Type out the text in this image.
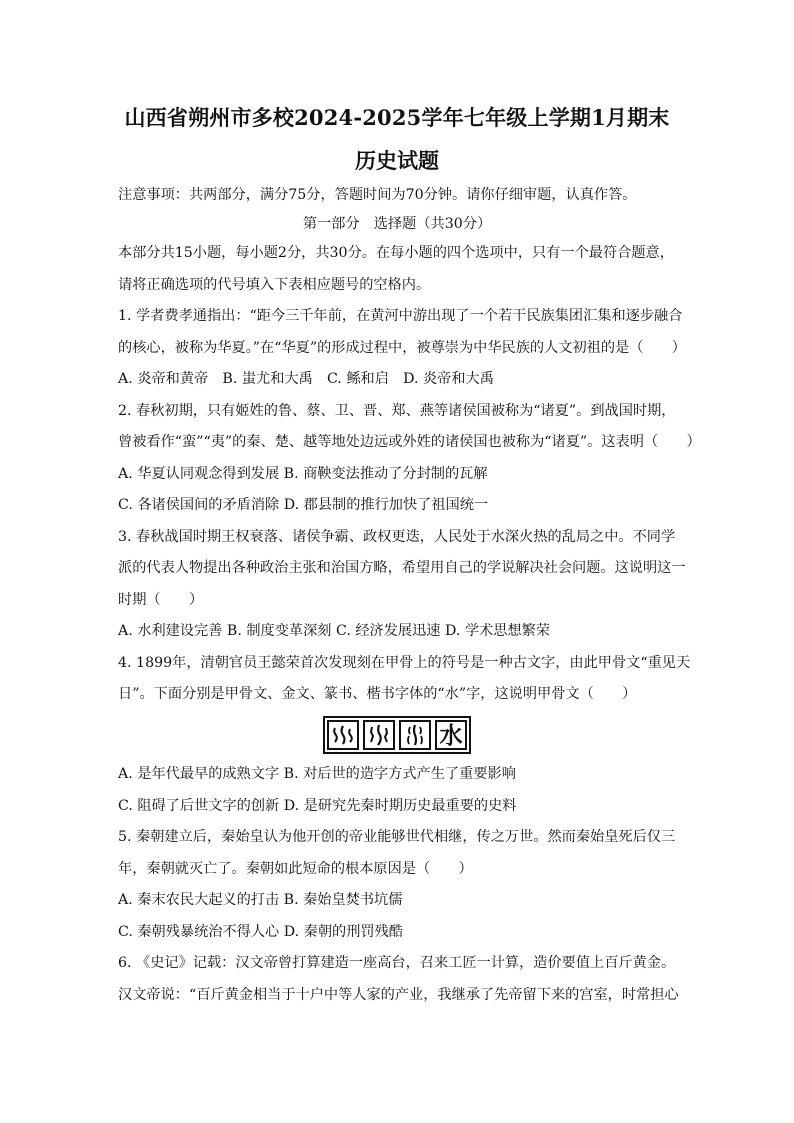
山西省朔州市多校2024-2025学年七年级上学期1月期末
历史试题

注意事项：共两部分，满分75分，答题时间为70分钟。请你仔细审题，认真作答。

第一部分　选择题（共30分）

本部分共15小题，每小题2分，共30分。在每小题的四个选项中，只有一个最符合题意，

请将正确选项的代号填入下表相应题号的空格内。

1. 学者费孝通指出：“距今三千年前，在黄河中游出现了一个若干民族集团汇集和逐步融合

的核心，被称为华夏。”在“华夏”的形成过程中，被尊崇为中华民族的人文初祖的是（　　）

A. 炎帝和黄帝　B. 蚩尤和大禹　C. 鲧和启　D. 炎帝和大禹

2. 春秋初期，只有姬姓的鲁、蔡、卫、晋、郑、燕等诸侯国被称为“诸夏”。到战国时期，

曾被看作“蛮”“夷”的秦、楚、越等地处边远或外姓的诸侯国也被称为“诸夏”。这表明（　　）

A. 华夏认同观念得到发展 B. 商鞅变法推动了分封制的瓦解

C. 各诸侯国间的矛盾消除 D. 郡县制的推行加快了祖国统一

3. 春秋战国时期王权衰落、诸侯争霸、政权更迭，人民处于水深火热的乱局之中。不同学

派的代表人物提出各种政治主张和治国方略，希望用自己的学说解决社会问题。这说明这一

时期（　　）

A. 水利建设完善 B. 制度变革深刻 C. 经济发展迅速 D. 学术思想繁荣

4. 1899年，清朝官员王懿荣首次发现刻在甲骨上的符号是一种古文字，由此甲骨文“重见天

日”。下面分别是甲骨文、金文、篆书、楷书字体的“水”字，这说明甲骨文（　　）

水

A. 是年代最早的成熟文字 B. 对后世的造字方式产生了重要影响

C. 阻碍了后世文字的创新 D. 是研究先秦时期历史最重要的史料

5. 秦朝建立后，秦始皇认为他开创的帝业能够世代相继，传之万世。然而秦始皇死后仅三

年，秦朝就灭亡了。秦朝如此短命的根本原因是（　　）

A. 秦末农民大起义的打击 B. 秦始皇焚书坑儒

C. 秦朝残暴统治不得人心 D. 秦朝的刑罚残酷

6. 《史记》记载：汉文帝曾打算建造一座高台，召来工匠一计算，造价要值上百斤黄金。

汉文帝说：“百斤黄金相当于十户中等人家的产业，我继承了先帝留下来的宫室，时常担心
